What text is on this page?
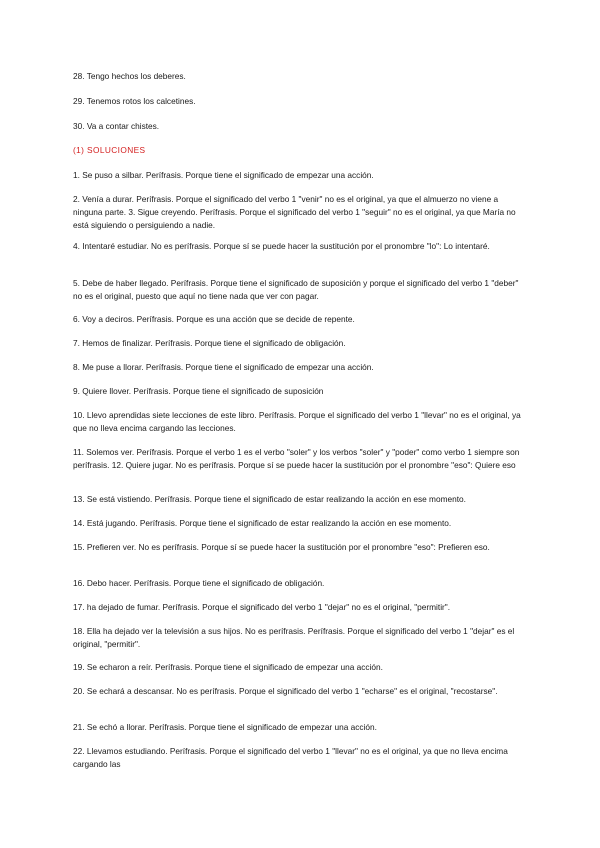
28. Tengo hechos los deberes.

29. Tenemos rotos los calcetines.

30. Va a contar chistes.

(1) SOLUCIONES

1. Se puso a silbar. Perífrasis. Porque tiene el significado de empezar una acción.

2. Venía a durar. Perífrasis. Porque el significado del verbo 1 "venir" no es el original, ya que el almuerzo no viene a ninguna parte. 3. Sigue creyendo. Perífrasis. Porque el significado del verbo 1 "seguir" no es el original, ya que María no está siguiendo o persiguiendo a nadie.

4. Intentaré estudiar. No es perífrasis. Porque sí se puede hacer la sustitución por el pronombre "lo": Lo intentaré.

5. Debe de haber llegado. Perífrasis. Porque tiene el significado de suposición y porque el significado del verbo 1 "deber" no es el original, puesto que aquí no tiene nada que ver con pagar.

6. Voy a deciros. Perífrasis. Porque es una acción que se decide de repente.

7. Hemos de finalizar. Perífrasis. Porque tiene el significado de obligación.

8. Me puse a llorar. Perífrasis. Porque tiene el significado de empezar una acción.

9. Quiere llover. Perífrasis. Porque tiene el significado de suposición

10. Llevo aprendidas siete lecciones de este libro. Perífrasis. Porque el significado del verbo 1 "llevar" no es el original, ya que no lleva encima cargando las lecciones.

11. Solemos ver. Perífrasis. Porque el verbo 1 es el verbo "soler" y los verbos "soler" y "poder" como verbo 1 siempre son perífrasis. 12. Quiere jugar. No es perífrasis. Porque sí se puede hacer la sustitución por el pronombre "eso": Quiere eso

13. Se está vistiendo. Perífrasis. Porque tiene el significado de estar realizando la acción en ese momento.

14. Está jugando. Perífrasis. Porque tiene el significado de estar realizando la acción en ese momento.

15. Prefieren ver. No es perífrasis. Porque sí se puede hacer la sustitución por el pronombre "eso": Prefieren eso.

16. Debo hacer. Perífrasis. Porque tiene el significado de obligación.

17. ha dejado de fumar. Perífrasis. Porque el significado del verbo 1 "dejar" no es el original, "permitir".

18. Ella ha dejado ver la televisión a sus hijos. No es perífrasis. Perífrasis. Porque el significado del verbo 1 "dejar" es el original, "permitir".

19. Se echaron a reír. Perífrasis. Porque tiene el significado de empezar una acción.

20. Se echará a descansar. No es perífrasis. Porque el significado del verbo 1 "echarse" es el original, "recostarse".

21. Se echó a llorar. Perífrasis. Porque tiene el significado de empezar una acción.

22. Llevamos estudiando. Perífrasis. Porque el significado del verbo 1 "llevar" no es el original, ya que no lleva encima cargando las
